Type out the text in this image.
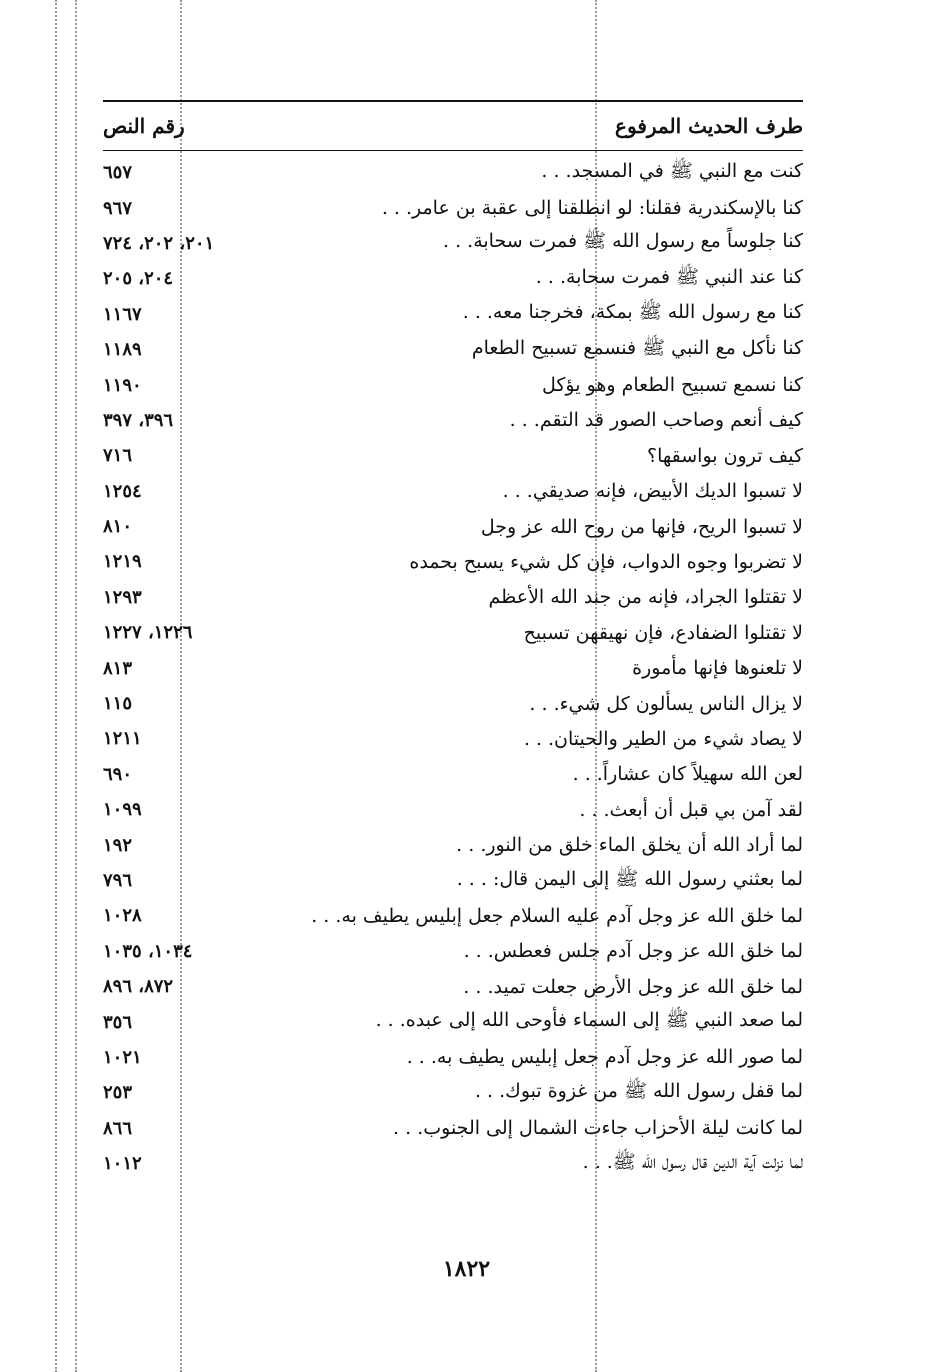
طرف الحديث المرفوع
رقم النص
كنت مع النبي ﷺ في المسجد. . .
٦٥٧
كنا بالإسكندرية فقلنا: لو انطلقنا إلى عقبة بن عامر. . .
٩٦٧
كنا جلوساً مع رسول الله ﷺ فمرت سحابة. . .
٢٠١، ٢٠٢، ٧٢٤
كنا عند النبي ﷺ فمرت سحابة. . .
٢٠٤، ٢٠٥
كنا مع رسول الله ﷺ بمكة، فخرجنا معه. . .
١١٦٧
كنا نأكل مع النبي ﷺ فنسمع تسبيح الطعام
١١٨٩
كنا نسمع تسبيح الطعام وهو يؤكل
١١٩٠
كيف أنعم وصاحب الصور قد التقم. . .
٣٩٦، ٣٩٧
كيف ترون بواسقها؟
٧١٦
لا تسبوا الديك الأبيض، فإنه صديقي. . .
١٢٥٤
لا تسبوا الريح، فإنها من روح الله عز وجل
٨١٠
لا تضربوا وجوه الدواب، فإن كل شيء يسبح بحمده
١٢١٩
لا تقتلوا الجراد، فإنه من جند الله الأعظم
١٢٩٣
لا تقتلوا الضفادع، فإن نهيقهن تسبيح
١٢٢٦، ١٢٢٧
لا تلعنوها فإنها مأمورة
٨١٣
لا يزال الناس يسألون كل شيء. . .
١١٥
لا يصاد شيء من الطير والحيتان. . .
١٢١١
لعن الله سهيلاً كان عشاراً. . .
٦٩٠
لقد آمن بي قبل أن أبعث. . .
١٠٩٩
لما أراد الله أن يخلق الماء خلق من النور. . .
١٩٢
لما بعثني رسول الله ﷺ إلى اليمن قال: . . .
٧٩٦
لما خلق الله عز وجل آدم عليه السلام جعل إبليس يطيف به. . .
١٠٢٨
لما خلق الله عز وجل آدم جلس فعطس. . .
١٠٣٤، ١٠٣٥
لما خلق الله عز وجل الأرض جعلت تميد. . .
٨٧٢، ٨٩٦
لما صعد النبي ﷺ إلى السماء فأوحى الله إلى عبده. . .
٣٥٦
لما صور الله عز وجل آدم جعل إبليس يطيف به. . .
١٠٢١
لما قفل رسول الله ﷺ من غزوة تبوك. . .
٢٥٣
لما كانت ليلة الأحزاب جاءت الشمال إلى الجنوب. . .
٨٦٦
لما نزلت آية الدين قال رسول الله ﷺ. . .
١٠١٢
١٨٢٢
